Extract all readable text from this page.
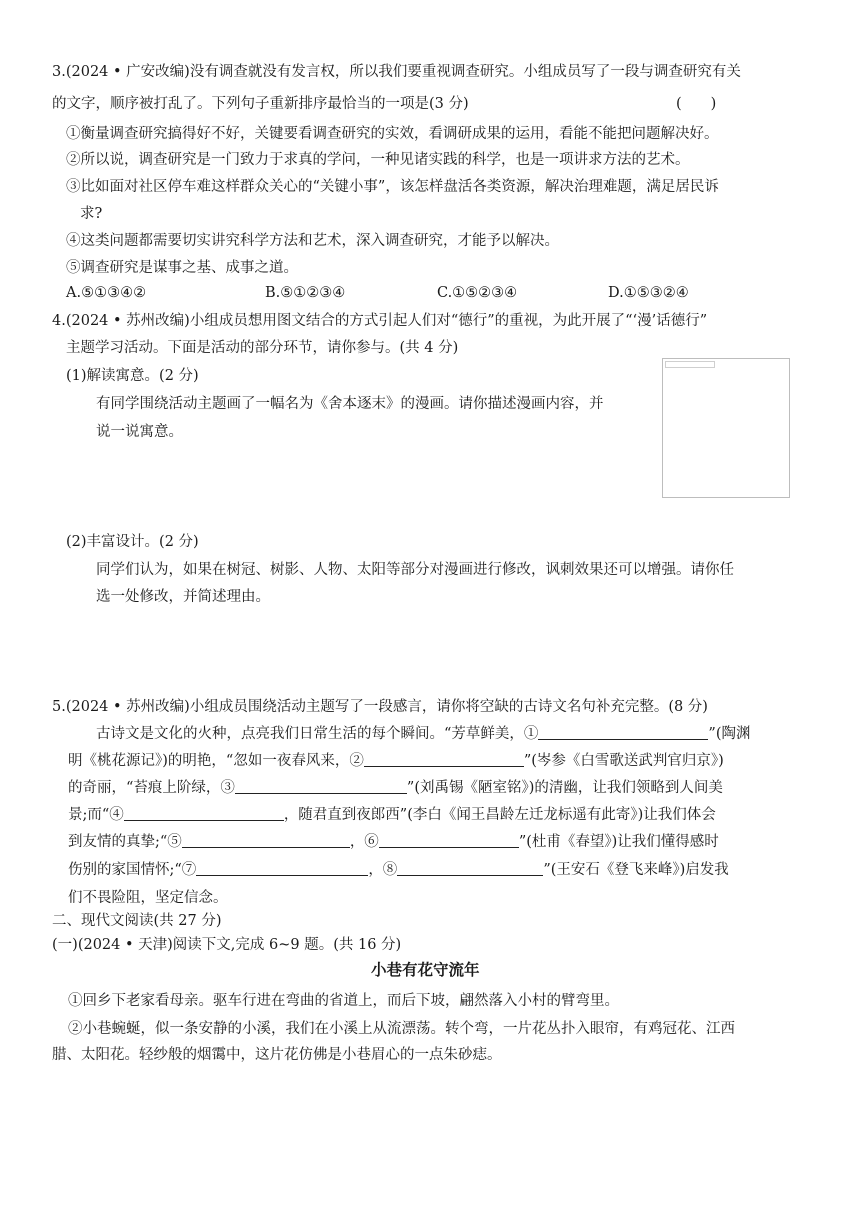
3.(2024 • 广安改编)没有调查就没有发言权，所以我们要重视调查研究。小组成员写了一段与调查研究有关
的文字，顺序被打乱了。下列句子重新排序最恰当的一项是(3 分)	(　　)
①衡量调查研究搞得好不好，关键要看调查研究的实效，看调研成果的运用，看能不能把问题解决好。
②所以说，调查研究是一门致力于求真的学问，一种见诸实践的科学，也是一项讲求方法的艺术。
③比如面对社区停车难这样群众关心的“关键小事”，该怎样盘活各类资源，解决治理难题，满足居民诉
求?
④这类问题都需要切实讲究科学方法和艺术，深入调查研究，才能予以解决。
⑤调查研究是谋事之基、成事之道。
A.⑤①③④②	B.⑤①②③④	C.①⑤②③④	D.①⑤③②④
4.(2024 • 苏州改编)小组成员想用图文结合的方式引起人们对“德行”的重视，为此开展了“‘漫’话德行”
主题学习活动。下面是活动的部分环节，请你参与。(共 4 分)
(1)解读寓意。(2 分)
有同学围绕活动主题画了一幅名为《舍本逐末》的漫画。请你描述漫画内容，并
说一说寓意。
(2)丰富设计。(2 分)
同学们认为，如果在树冠、树影、人物、太阳等部分对漫画进行修改，讽刺效果还可以增强。请你任
选一处修改，并简述理由。
5.(2024 • 苏州改编)小组成员围绕活动主题写了一段感言，请你将空缺的古诗文名句补充完整。(8 分)
古诗文是文化的火种，点亮我们日常生活的每个瞬间。“芳草鲜美，①	”(陶渊
明《桃花源记》)的明艳，“忽如一夜春风来，②	”(岑参《白雪歌送武判官归京》)
的奇丽，“苔痕上阶绿，③	”(刘禹锡《陋室铭》)的清幽，让我们领略到人间美
景;而“④	，随君直到夜郎西”(李白《闻王昌龄左迁龙标遥有此寄》)让我们体会
到友情的真挚;“⑤	，⑥	”(杜甫《春望》)让我们懂得感时
伤别的家国情怀;“⑦	，⑧	”(王安石《登飞来峰》)启发我
们不畏险阻，坚定信念。
二、现代文阅读(共 27 分)
(一)(2024 • 天津)阅读下文,完成 6~9 题。(共 16 分)
小巷有花守流年
①回乡下老家看母亲。驱车行进在弯曲的省道上，而后下坡，翩然落入小村的臂弯里。
②小巷蜿蜒，似一条安静的小溪，我们在小溪上从流漂荡。转个弯，一片花丛扑入眼帘，有鸡冠花、江西
腊、太阳花。轻纱般的烟霭中，这片花仿佛是小巷眉心的一点朱砂痣。
